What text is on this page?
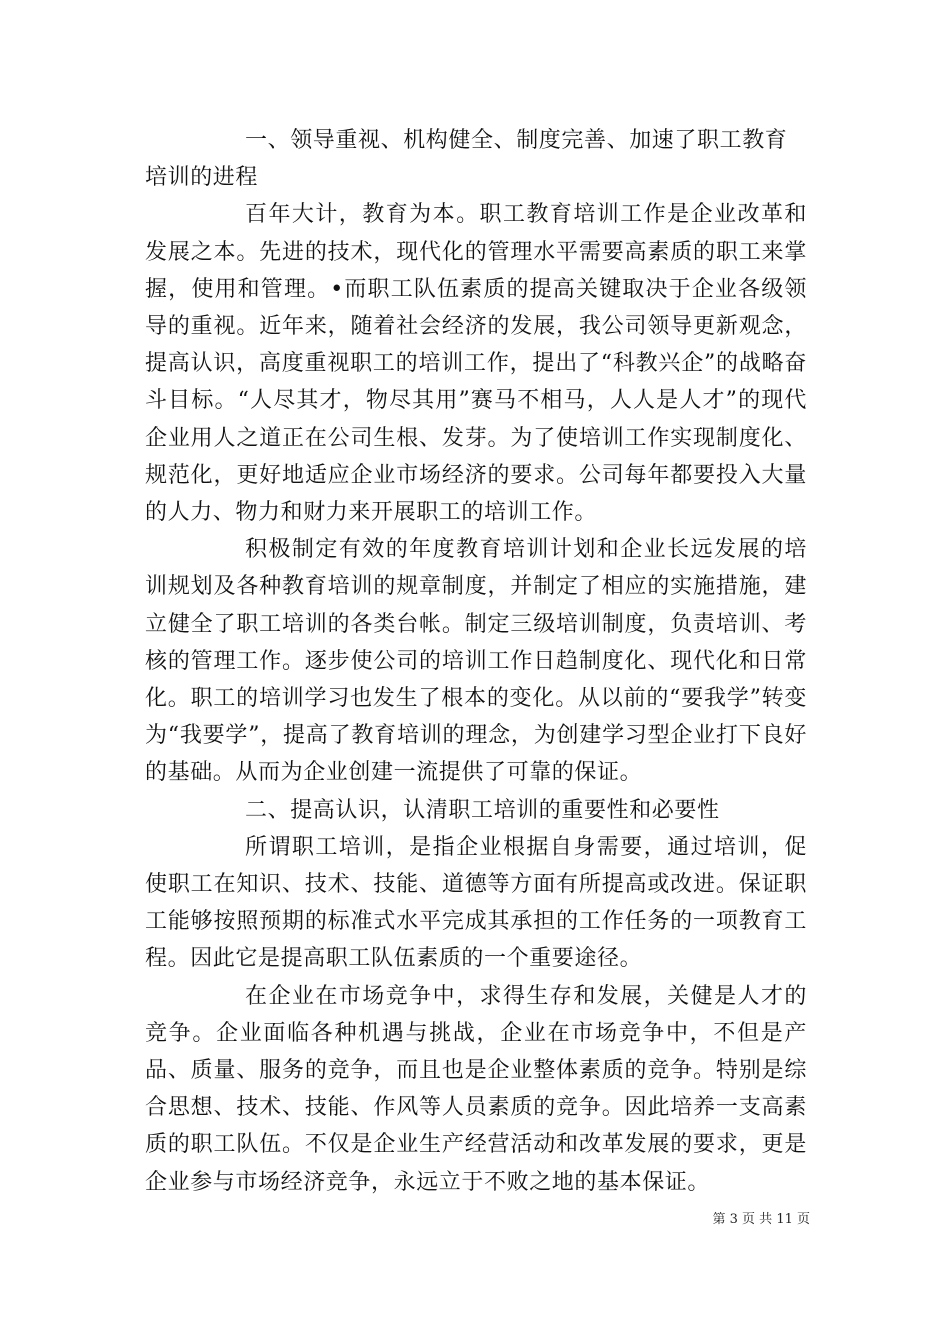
一、领导重视、机构健全、制度完善、加速了职工教育培训的进程

百年大计，教育为本。职工教育培训工作是企业改革和发展之本。先进的技术，现代化的管理水平需要高素质的职工来掌握，使用和管理。•而职工队伍素质的提高关键取决于企业各级领导的重视。近年来，随着社会经济的发展，我公司领导更新观念，提高认识，高度重视职工的培训工作，提出了“科教兴企”的战略奋斗目标。“人尽其才，物尽其用”赛马不相马，人人是人才”的现代企业用人之道正在公司生根、发芽。为了使培训工作实现制度化、规范化，更好地适应企业市场经济的要求。公司每年都要投入大量的人力、物力和财力来开展职工的培训工作。

积极制定有效的年度教育培训计划和企业长远发展的培训规划及各种教育培训的规章制度，并制定了相应的实施措施，建立健全了职工培训的各类台帐。制定三级培训制度，负责培训、考核的管理工作。逐步使公司的培训工作日趋制度化、现代化和日常化。职工的培训学习也发生了根本的变化。从以前的“要我学”转变为“我要学”，提高了教育培训的理念，为创建学习型企业打下良好的基础。从而为企业创建一流提供了可靠的保证。

二、提高认识，认清职工培训的重要性和必要性

所谓职工培训，是指企业根据自身需要，通过培训，促使职工在知识、技术、技能、道德等方面有所提高或改进。保证职工能够按照预期的标准式水平完成其承担的工作任务的一项教育工程。因此它是提高职工队伍素质的一个重要途径。

在企业在市场竞争中，求得生存和发展，关健是人才的竞争。企业面临各种机遇与挑战，企业在市场竞争中，不但是产品、质量、服务的竞争，而且也是企业整体素质的竞争。特别是综合思想、技术、技能、作风等人员素质的竞争。因此培养一支高素质的职工队伍。不仅是企业生产经营活动和改革发展的要求，更是企业参与市场经济竞争，永远立于不败之地的基本保证。

第 3 页 共 11 页
